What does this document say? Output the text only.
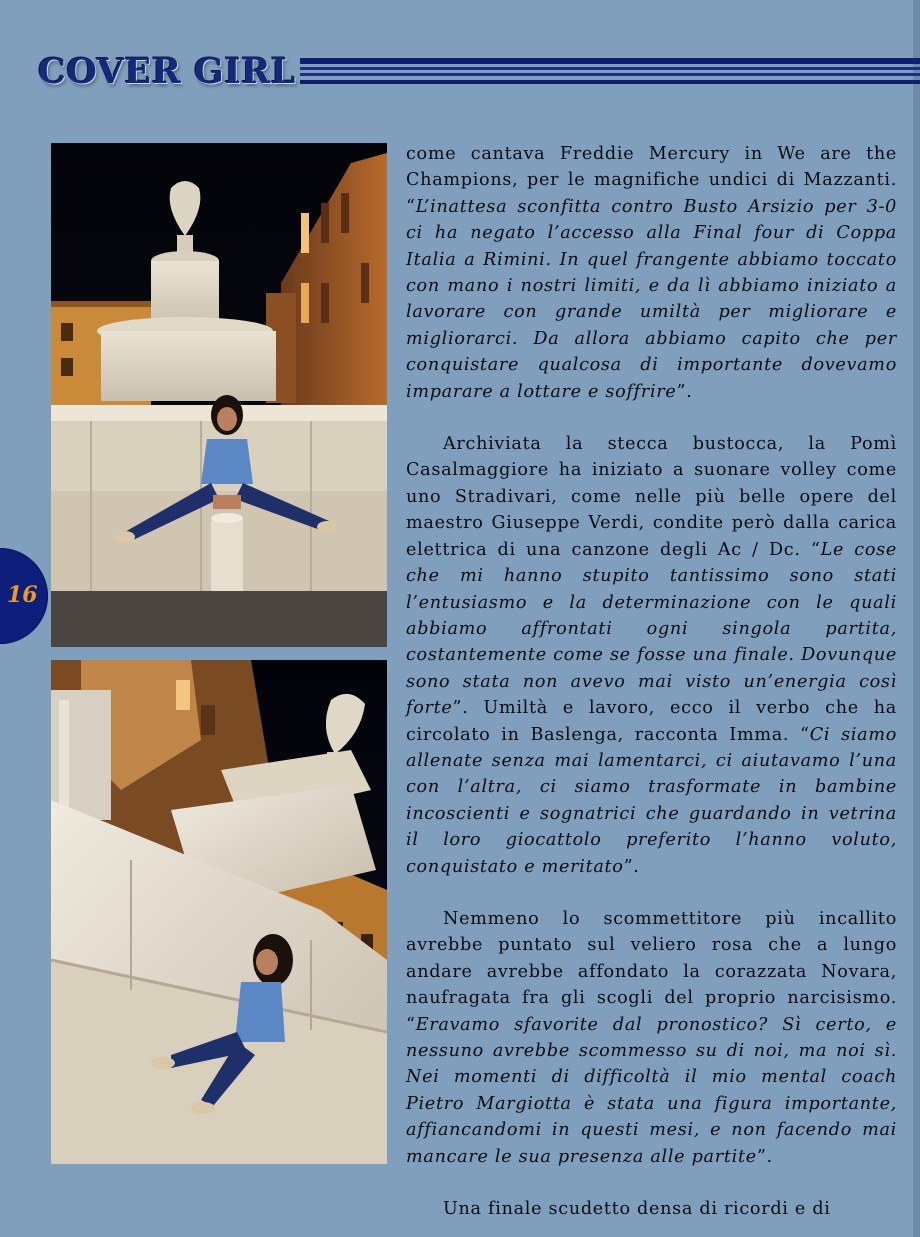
COVER GIRL
16

come cantava Freddie Mercury in We are the Champions, per le magnifiche undici di Mazzanti. “L’inattesa sconfitta contro Busto Arsizio per 3-0 ci ha negato l’accesso alla Final four di Coppa Italia a Rimini. In quel frangente abbiamo toccato con mano i nostri limiti, e da lì abbiamo iniziato a lavorare con grande umiltà per migliorare e migliorarci. Da allora abbiamo capito che per conquistare qualcosa di importante dovevamo imparare a lottare e soffrire”.

Archiviata la stecca bustocca, la Pomì Casalmaggiore ha iniziato a suonare volley come uno Stradivari, come nelle più belle opere del maestro Giuseppe Verdi, condite però dalla carica elettrica di una canzone degli Ac / Dc. “Le cose che mi hanno stupito tantissimo sono stati l’entusiasmo e la determinazione con le quali abbiamo affrontati ogni singola partita, costantemente come se fosse una finale. Dovunque sono stata non avevo mai visto un’energia così forte”. Umiltà e lavoro, ecco il verbo che ha circolato in Baslenga, racconta Imma. “Ci siamo allenate senza mai lamentarci, ci aiutavamo l’una con l’altra, ci siamo trasformate in bambine incoscienti e sognatrici che guardando in vetrina il loro giocattolo preferito l’hanno voluto, conquistato e meritato”.

Nemmeno lo scommettitore più incallito avrebbe puntato sul veliero rosa che a lungo andare avrebbe affondato la corazzata Novara, naufragata fra gli scogli del proprio narcisismo. “Eravamo sfavorite dal pronostico? Sì certo, e nessuno avrebbe scommesso su di noi, ma noi sì. Nei momenti di difficoltà il mio mental coach Pietro Margiotta è stata una figura importante, affiancandomi in questi mesi, e non facendo mai mancare le sua presenza alle partite”.

Una finale scudetto densa di ricordi e di
